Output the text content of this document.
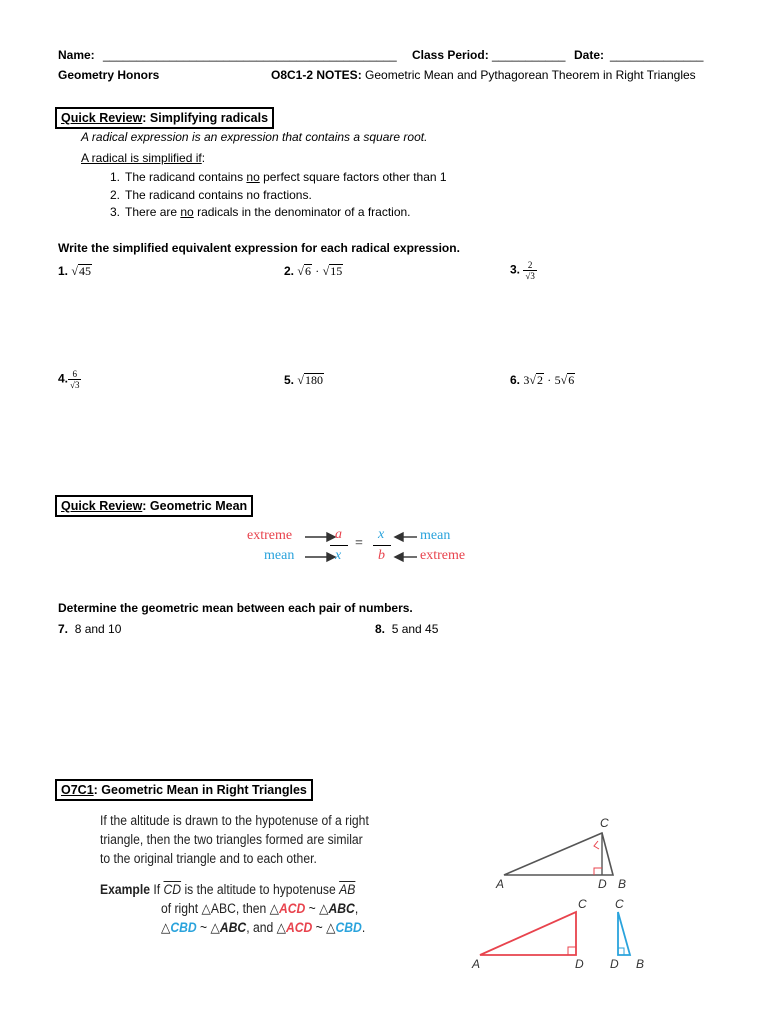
Name: ____________________________________________ Class Period: ___________ Date: ______________
Geometry Honors	O8C1-2 NOTES: Geometric Mean and Pythagorean Theorem in Right Triangles
Quick Review: Simplifying radicals
A radical expression is an expression that contains a square root.
A radical is simplified if:
1. The radicand contains no perfect square factors other than 1
2. The radicand contains no fractions.
3. There are no radicals in the denominator of a fraction.
Write the simplified equivalent expression for each radical expression.
1. √45	2. √6 · √15	3. $\frac{2}{√3}$
4. $\frac{6}{√3}$	5. √180	6. 3√2 · 5√6
Quick Review: Geometric Mean
extreme
mean
a
x
=
x
b
mean
extreme
Determine the geometric mean between each pair of numbers.
7. 8 and 10	8. 5 and 45
O7C1: Geometric Mean in Right Triangles
If the altitude is drawn to the hypotenuse of a right
triangle, then the two triangles formed are similar
to the original triangle and to each other.
Example If $\overline{CD}$ is the altitude to hypotenuse $\overline{AB}$
of right △ABC, then △ACD ~ △ABC,
△CBD ~ △ABC, and △ACD ~ △CBD.
C
A	D B
C
A	D
C
D B
